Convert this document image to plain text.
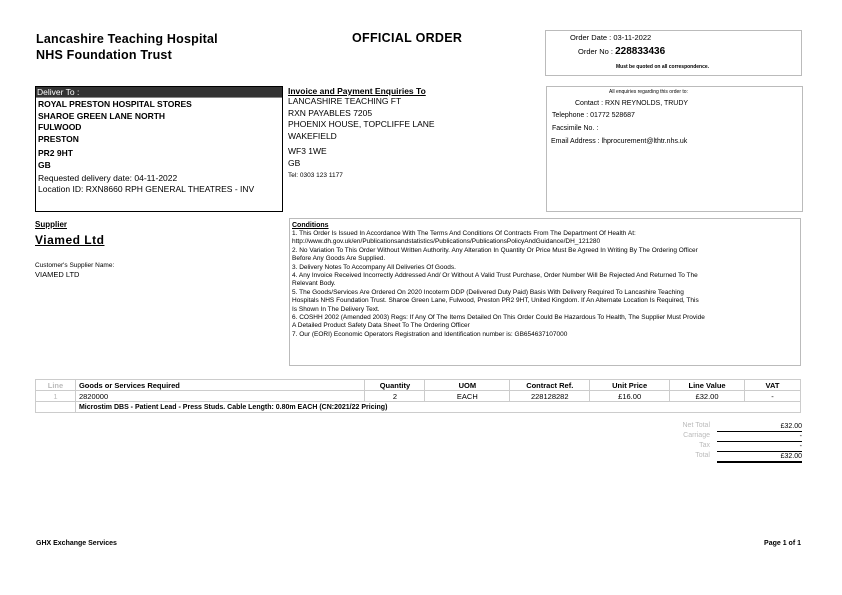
Lancashire Teaching Hospital
NHS Foundation Trust
OFFICIAL ORDER	Order Date : 03-11-2022
Order No : 228833436
Must be quoted on all correspondence.
Deliver To :
ROYAL PRESTON HOSPITAL STORES
SHAROE GREEN LANE NORTH
FULWOOD
PRESTON
PR2 9HT
GB
Requested delivery date: 04-11-2022
Location ID: RXN8660 RPH GENERAL THEATRES - INV
Invoice and Payment Enquiries To
LANCASHIRE TEACHING FT
RXN PAYABLES 7205
PHOENIX HOUSE, TOPCLIFFE LANE
WAKEFIELD
WF3 1WE
GB
Tel: 0303 123 1177
All enquiries regarding this order to:
Contact : RXN REYNOLDS, TRUDY
Telephone : 01772 528687
Facsimile No. :
Email Address : lhprocurement@lthtr.nhs.uk
Supplier
Viamed Ltd
Customer's Supplier Name:
VIAMED LTD
Conditions
1. This Order Is Issued In Accordance With The Terms And Conditions Of Contracts From The Department Of Health At:
http://www.dh.gov.uk/en/Publicationsandstatistics/Publications/PublicationsPolicyAndGuidance/DH_121280
2. No Variation To This Order Without Written Authority. Any Alteration In Quantity Or Price Must Be Agreed In Writing By The Ordering Officer
Before Any Goods Are Supplied.
3. Delivery Notes To Accompany All Deliveries Of Goods.
4. Any Invoice Received Incorrectly Addressed And/ Or Without A Valid Trust Purchase, Order Number Will Be Rejected And Returned To The
Relevant Body.
5. The Goods/Services Are Ordered On 2020 Incoterm DDP (Delivered Duty Paid) Basis With Delivery Required To Lancashire Teaching
Hospitals NHS Foundation Trust. Sharoe Green Lane, Fulwood, Preston PR2 9HT, United Kingdom. If An Alternate Location Is Required, This
Is Shown In The Delivery Text.
6. COSHH 2002 (Amended 2003) Regs: If Any Of The Items Detailed On This Order Could Be Hazardous To Health, The Supplier Must Provide
A Detailed Product Safety Data Sheet To The Ordering Officer
7. Our (EORI) Economic Operators Registration and Identification number is: GB654637107000
Line	Goods or Services Required	Quantity	UOM	Contract Ref.	Unit Price	Line Value	VAT
1	2820000	2	EACH	228128282	£16.00	£32.00	-
	Microstim DBS - Patient Lead - Press Studs. Cable Length: 0.80m EACH (CN:2021/22 Pricing)						
Net Total	£32.00
Carriage	-
Tax	-
Total	£32.00
GHX Exchange Services	Page 1 of 1
